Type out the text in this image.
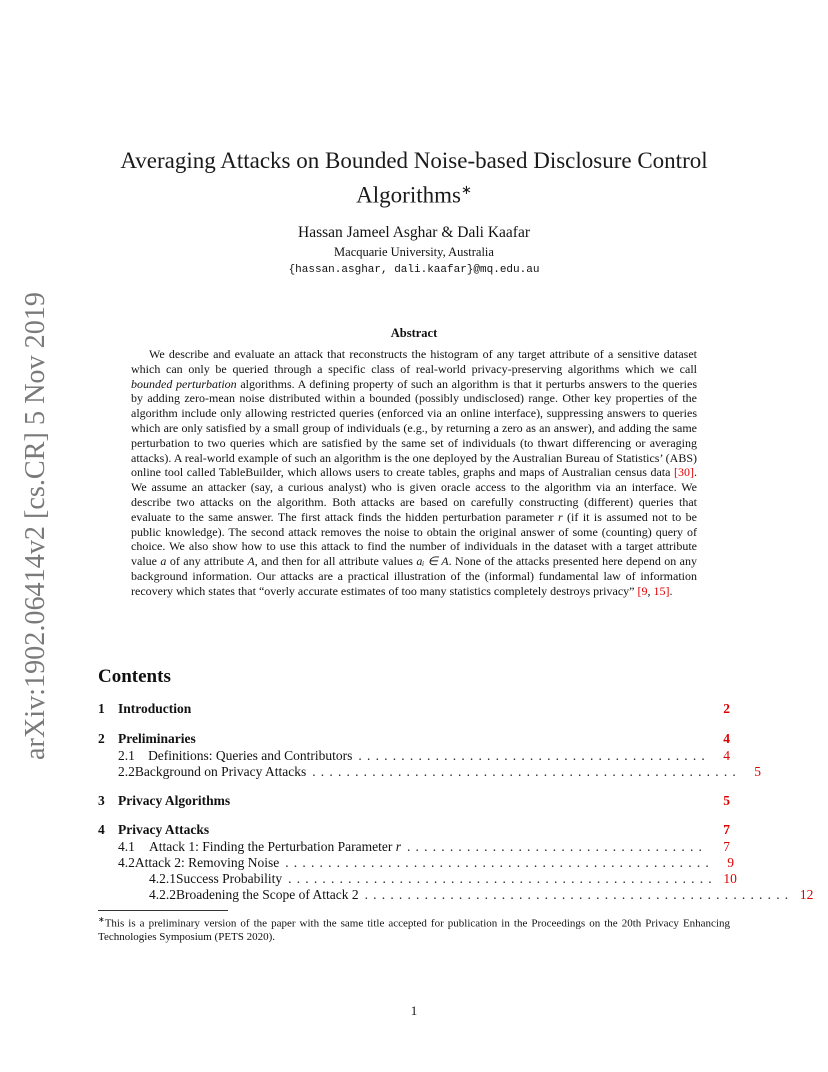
arXiv:1902.06414v2 [cs.CR] 5 Nov 2019
Averaging Attacks on Bounded Noise-based Disclosure Control
Algorithms∗
Hassan Jameel Asghar & Dali Kaafar
Macquarie University, Australia
{hassan.asghar, dali.kaafar}@mq.edu.au
Abstract

We describe and evaluate an attack that reconstructs the histogram of any target attribute of a sensitive dataset which can only be queried through a specific class of real-world privacy-preserving algorithms which we call bounded perturbation algorithms. A defining property of such an algorithm is that it perturbs answers to the queries by adding zero-mean noise distributed within a bounded (possibly undisclosed) range. Other key properties of the algorithm include only allowing restricted queries (enforced via an online interface), suppressing answers to queries which are only satisfied by a small group of individuals (e.g., by returning a zero as an answer), and adding the same perturbation to two queries which are satisfied by the same set of individuals (to thwart differencing or averaging attacks). A real-world example of such an algorithm is the one deployed by the Australian Bureau of Statistics’ (ABS) online tool called TableBuilder, which allows users to create tables, graphs and maps of Australian census data [30]. We assume an attacker (say, a curious analyst) who is given oracle access to the algorithm via an interface. We describe two attacks on the algorithm. Both attacks are based on carefully constructing (different) queries that evaluate to the same answer. The first attack finds the hidden perturbation parameter r (if it is assumed not to be public knowledge). The second attack removes the noise to obtain the original answer of some (counting) query of choice. We also show how to use this attack to find the number of individuals in the dataset with a target attribute value a of any attribute A, and then for all attribute values aᵢ ∈ A. None of the attacks presented here depend on any background information. Our attacks are a practical illustration of the (informal) fundamental law of information recovery which states that “overly accurate estimates of too many statistics completely destroys privacy” [9, 15].

Contents
1 Introduction	2
2 Preliminaries	4
2.1 Definitions: Queries and Contributors ......................................... 4
2.2 Background on Privacy Attacks .................................................. 5
3 Privacy Algorithms	5
4 Privacy Attacks	7
4.1	Attack 1: Finding the Perturbation Parameter r ...................................	7
4.2 Attack 2: Removing Noise .................................................. 9
4.2.1 Success Probability .................................................. 10
4.2.2 Broadening the Scope of Attack 2 .................................................. 12
∗This is a preliminary version of the paper with the same title accepted for publication in the Proceedings on the 20th Privacy Enhancing Technologies Symposium (PETS 2020).
1
